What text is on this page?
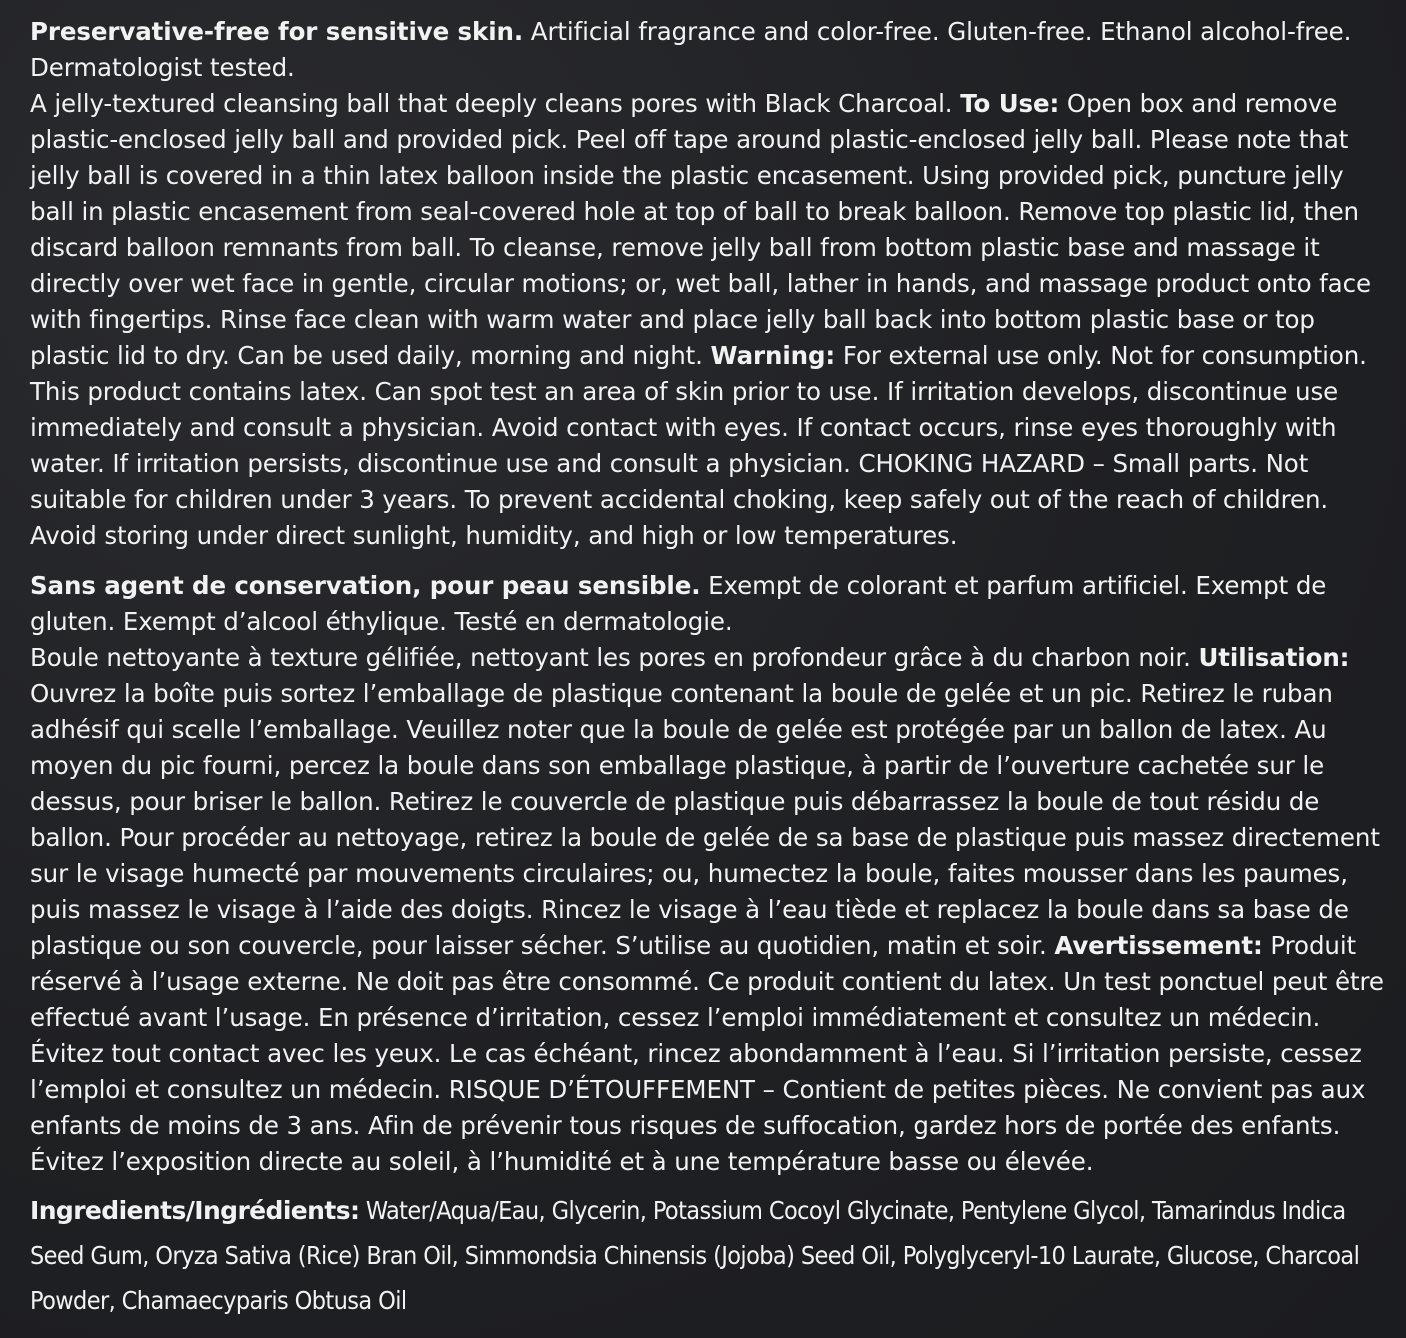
Preservative-free for sensitive skin. Artificial fragrance and color-free. Gluten-free. Ethanol alcohol-free. Dermatologist tested.
A jelly-textured cleansing ball that deeply cleans pores with Black Charcoal. To Use: Open box and remove plastic-enclosed jelly ball and provided pick. Peel off tape around plastic-enclosed jelly ball. Please note that jelly ball is covered in a thin latex balloon inside the plastic encasement. Using provided pick, puncture jelly ball in plastic encasement from seal-covered hole at top of ball to break balloon. Remove top plastic lid, then discard balloon remnants from ball. To cleanse, remove jelly ball from bottom plastic base and massage it directly over wet face in gentle, circular motions; or, wet ball, lather in hands, and massage product onto face with fingertips. Rinse face clean with warm water and place jelly ball back into bottom plastic base or top plastic lid to dry. Can be used daily, morning and night. Warning: For external use only. Not for consumption. This product contains latex. Can spot test an area of skin prior to use. If irritation develops, discontinue use immediately and consult a physician. Avoid contact with eyes. If contact occurs, rinse eyes thoroughly with water. If irritation persists, discontinue use and consult a physician. CHOKING HAZARD – Small parts. Not suitable for children under 3 years. To prevent accidental choking, keep safely out of the reach of children. Avoid storing under direct sunlight, humidity, and high or low temperatures.

Sans agent de conservation, pour peau sensible. Exempt de colorant et parfum artificiel. Exempt de gluten. Exempt d’alcool éthylique. Testé en dermatologie.
Boule nettoyante à texture gélifiée, nettoyant les pores en profondeur grâce à du charbon noir. Utilisation: Ouvrez la boîte puis sortez l’emballage de plastique contenant la boule de gelée et un pic. Retirez le ruban adhésif qui scelle l’emballage. Veuillez noter que la boule de gelée est protégée par un ballon de latex. Au moyen du pic fourni, percez la boule dans son emballage plastique, à partir de l’ouverture cachetée sur le dessus, pour briser le ballon. Retirez le couvercle de plastique puis débarrassez la boule de tout résidu de ballon. Pour procéder au nettoyage, retirez la boule de gelée de sa base de plastique puis massez directement sur le visage humecté par mouvements circulaires; ou, humectez la boule, faites mousser dans les paumes, puis massez le visage à l’aide des doigts. Rincez le visage à l’eau tiède et replacez la boule dans sa base de plastique ou son couvercle, pour laisser sécher. S’utilise au quotidien, matin et soir. Avertissement: Produit réservé à l’usage externe. Ne doit pas être consommé. Ce produit contient du latex. Un test ponctuel peut être effectué avant l’usage. En présence d’irritation, cessez l’emploi immédiatement et consultez un médecin. Évitez tout contact avec les yeux. Le cas échéant, rincez abondamment à l’eau. Si l’irritation persiste, cessez l’emploi et consultez un médecin. RISQUE D’ÉTOUFFEMENT – Contient de petites pièces. Ne convient pas aux enfants de moins de 3 ans. Afin de prévenir tous risques de suffocation, gardez hors de portée des enfants. Évitez l’exposition directe au soleil, à l’humidité et à une température basse ou élevée.

Ingredients/Ingrédients: Water/Aqua/Eau, Glycerin, Potassium Cocoyl Glycinate, Pentylene Glycol, Tamarindus Indica Seed Gum, Oryza Sativa (Rice) Bran Oil, Simmondsia Chinensis (Jojoba) Seed Oil, Polyglyceryl-10 Laurate, Glucose, Charcoal Powder, Chamaecyparis Obtusa Oil
